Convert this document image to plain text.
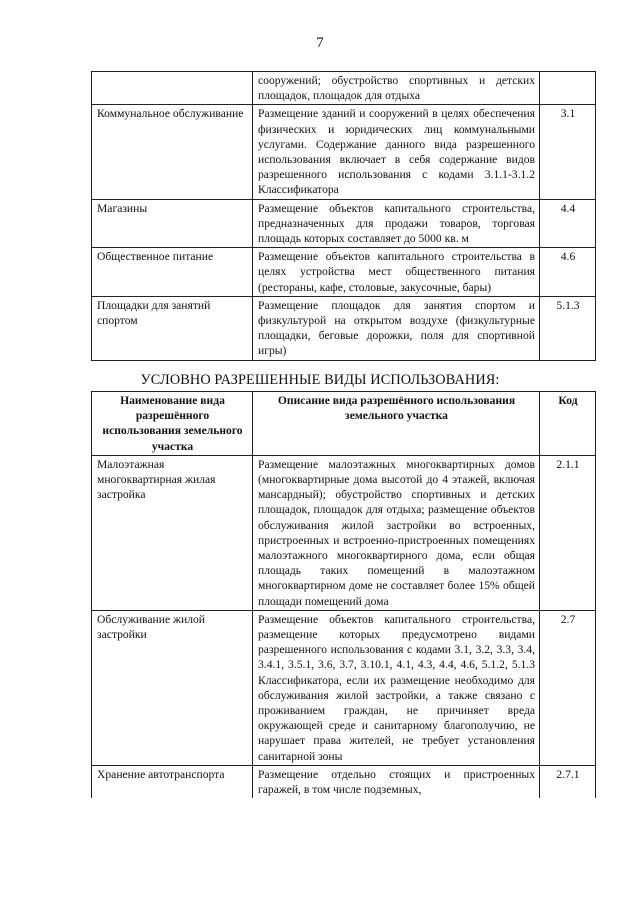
7
	сооружений; обустройство спортивных и детских площадок, площадок для отдыха	
Коммунальное обслуживание	Размещение зданий и сооружений в целях обеспечения физических и юридических лиц коммунальными услугами. Содержание данного вида разрешенного использования включает в себя содержание видов разрешенного использования с кодами 3.1.1-3.1.2 Классификатора	3.1
Магазины	Размещение объектов капитального строительства, предназначенных для продажи товаров, торговая площадь которых составляет до 5000 кв. м	4.4
Общественное питание	Размещение объектов капитального строительства в целях устройства мест общественного питания (рестораны, кафе, столовые, закусочные, бары)	4.6
Площадки для занятий спортом	Размещение площадок для занятия спортом и физкультурой на открытом воздухе (физкультурные площадки, беговые дорожки, поля для спортивной игры)	5.1.3
УСЛОВНО РАЗРЕШЕННЫЕ ВИДЫ ИСПОЛЬЗОВАНИЯ:
Наименование вида разрешённого использования земельного участка	Описание вида разрешённого использования земельного участка	Код
Малоэтажная многоквартирная жилая застройка	Размещение малоэтажных многоквартирных домов (многоквартирные дома высотой до 4 этажей, включая мансардный); обустройство спортивных и детских площадок, площадок для отдыха; размещение объектов обслуживания жилой застройки во встроенных, пристроенных и встроенно-пристроенных помещениях малоэтажного многоквартирного дома, если общая площадь таких помещений в малоэтажном многоквартирном доме не составляет более 15% общей площади помещений дома	2.1.1
Обслуживание жилой застройки	Размещение объектов капитального строительства, размещение которых предусмотрено видами разрешенного использования с кодами 3.1, 3.2, 3.3, 3.4, 3.4.1, 3.5.1, 3.6, 3.7, 3.10.1, 4.1, 4.3, 4.4, 4.6, 5.1.2, 5.1.3 Классификатора, если их размещение необходимо для обслуживания жилой застройки, а также связано с проживанием граждан, не причиняет вреда окружающей среде и санитарному благополучию, не нарушает права жителей, не требует установления санитарной зоны	2.7
Хранение автотранспорта	Размещение отдельно стоящих и пристроенных гаражей, в том числе подземных,	2.7.1
